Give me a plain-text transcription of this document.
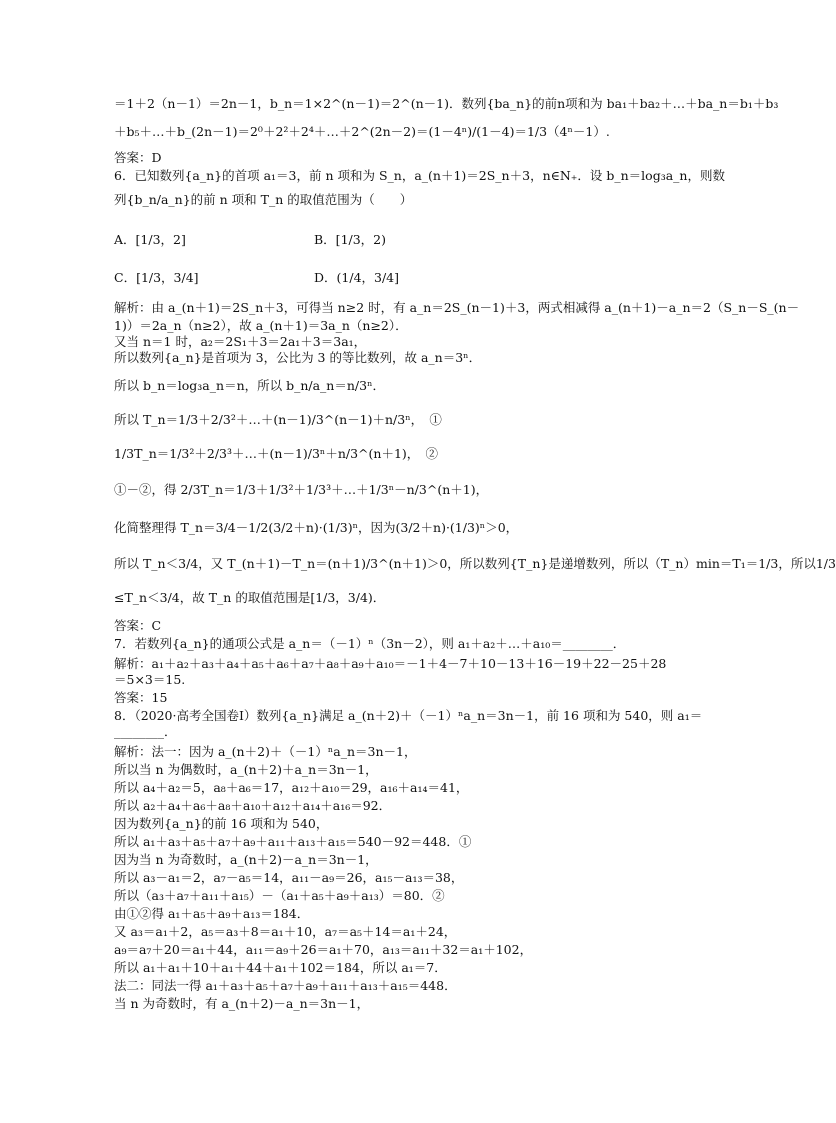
＝1＋2（n－1）＝2n－1，b_n＝1×2^(n－1)＝2^(n－1)．数列{ba_n}的前n项和为 ba₁＋ba₂＋…＋ba_n＝b₁＋b₃
＋b₅＋…＋b_(2n－1)＝2⁰＋2²＋2⁴＋…＋2^(2n－2)＝(1－4ⁿ)/(1－4)＝1/3（4ⁿ－1）.
答案：D
6．已知数列{a_n}的首项 a₁＝3，前 n 项和为 S_n，a_(n＋1)＝2S_n＋3，n∈N₊．设 b_n＝log₃a_n，则数
列{b_n/a_n}的前 n 项和 T_n 的取值范围为（　　）
A．[1/3，2]	B．[1/3，2)
C．[1/3，3/4]	D．(1/4，3/4]
解析：由 a_(n＋1)＝2S_n＋3，可得当 n≥2 时，有 a_n＝2S_(n－1)＋3，两式相减得 a_(n＋1)－a_n＝2（S_n－S_(n－
1)）＝2a_n（n≥2），故 a_(n＋1)＝3a_n（n≥2）．
又当 n＝1 时，a₂＝2S₁＋3＝2a₁＋3＝3a₁，
所以数列{a_n}是首项为 3，公比为 3 的等比数列，故 a_n＝3ⁿ．
所以 b_n＝log₃a_n＝n，所以 b_n/a_n＝n/3ⁿ．
所以 T_n＝1/3＋2/3²＋…＋(n－1)/3^(n－1)＋n/3ⁿ，　①
1/3T_n＝1/3²＋2/3³＋…＋(n－1)/3ⁿ＋n/3^(n＋1)，　②
①－②，得 2/3T_n＝1/3＋1/3²＋1/3³＋…＋1/3ⁿ－n/3^(n＋1)，
化简整理得 T_n＝3/4－1/2(3/2＋n)·(1/3)ⁿ，因为(3/2＋n)·(1/3)ⁿ＞0，
所以 T_n＜3/4，又 T_(n＋1)－T_n＝(n＋1)/3^(n＋1)＞0，所以数列{T_n}是递增数列，所以（T_n）min＝T₁＝1/3，所以1/3
≤T_n＜3/4，故 T_n 的取值范围是[1/3，3/4)．
答案：C
7．若数列{a_n}的通项公式是 a_n＝（－1）ⁿ（3n－2），则 a₁＋a₂＋…＋a₁₀＝________．
解析：a₁＋a₂＋a₃＋a₄＋a₅＋a₆＋a₇＋a₈＋a₉＋a₁₀＝－1＋4－7＋10－13＋16－19＋22－25＋28
＝5×3＝15.
答案：15
8．（2020·高考全国卷Ⅰ）数列{a_n}满足 a_(n＋2)＋（－1）ⁿa_n＝3n－1，前 16 项和为 540，则 a₁＝
________．
解析：法一：因为 a_(n＋2)＋（－1）ⁿa_n＝3n－1，
所以当 n 为偶数时，a_(n＋2)＋a_n＝3n－1，
所以 a₄＋a₂＝5，a₈＋a₆＝17，a₁₂＋a₁₀＝29，a₁₆＋a₁₄＝41，
所以 a₂＋a₄＋a₆＋a₈＋a₁₀＋a₁₂＋a₁₄＋a₁₆＝92．
因为数列{a_n}的前 16 项和为 540，
所以 a₁＋a₃＋a₅＋a₇＋a₉＋a₁₁＋a₁₃＋a₁₅＝540－92＝448．①
因为当 n 为奇数时，a_(n＋2)－a_n＝3n－1，
所以 a₃－a₁＝2，a₇－a₅＝14，a₁₁－a₉＝26，a₁₅－a₁₃＝38，
所以（a₃＋a₇＋a₁₁＋a₁₅）－（a₁＋a₅＋a₉＋a₁₃）＝80．②
由①②得 a₁＋a₅＋a₉＋a₁₃＝184．
又 a₃＝a₁＋2，a₅＝a₃＋8＝a₁＋10，a₇＝a₅＋14＝a₁＋24，
a₉＝a₇＋20＝a₁＋44，a₁₁＝a₉＋26＝a₁＋70，a₁₃＝a₁₁＋32＝a₁＋102，
所以 a₁＋a₁＋10＋a₁＋44＋a₁＋102＝184，所以 a₁＝7．
法二：同法一得 a₁＋a₃＋a₅＋a₇＋a₉＋a₁₁＋a₁₃＋a₁₅＝448．
当 n 为奇数时，有 a_(n＋2)－a_n＝3n－1，
